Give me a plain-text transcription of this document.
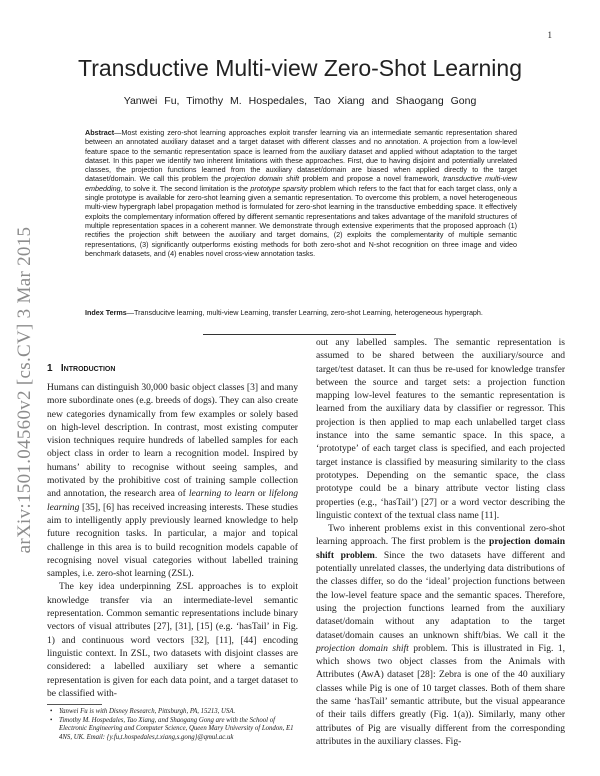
1
arXiv:1501.04560v2 [cs.CV] 3 Mar 2015
Transductive Multi-view Zero-Shot Learning
Yanwei Fu, Timothy M. Hospedales, Tao Xiang and Shaogang Gong
Abstract—Most existing zero-shot learning approaches exploit transfer learning via an intermediate semantic representation shared between an annotated auxiliary dataset and a target dataset with different classes and no annotation. A projection from a low-level feature space to the semantic representation space is learned from the auxiliary dataset and applied without adaptation to the target dataset. In this paper we identify two inherent limitations with these approaches. First, due to having disjoint and potentially unrelated classes, the projection functions learned from the auxiliary dataset/domain are biased when applied directly to the target dataset/domain. We call this problem the projection domain shift problem and propose a novel framework, transductive multi-view embedding, to solve it. The second limitation is the prototype sparsity problem which refers to the fact that for each target class, only a single prototype is available for zero-shot learning given a semantic representation. To overcome this problem, a novel heterogeneous multi-view hypergraph label propagation method is formulated for zero-shot learning in the transductive embedding space. It effectively exploits the complementary information offered by different semantic representations and takes advantage of the manifold structures of multiple representation spaces in a coherent manner. We demonstrate through extensive experiments that the proposed approach (1) rectifies the projection shift between the auxiliary and target domains, (2) exploits the complementarity of multiple semantic representations, (3) significantly outperforms existing methods for both zero-shot and N-shot recognition on three image and video benchmark datasets, and (4) enables novel cross-view annotation tasks.
Index Terms—Transducitve learning, multi-view Learning, transfer Learning, zero-shot Learning, heterogeneous hypergraph.
1 Introduction

Humans can distinguish 30,000 basic object classes [3] and many more subordinate ones (e.g. breeds of dogs). They can also create new categories dynamically from few examples or solely based on high-level description. In contrast, most existing computer vision techniques require hundreds of labelled samples for each object class in order to learn a recognition model. Inspired by humans’ ability to recognise without seeing samples, and motivated by the prohibitive cost of training sample collection and annotation, the research area of learning to learn or lifelong learning [35], [6] has received increasing interests. These studies aim to intelligently apply previously learned knowledge to help future recognition tasks. In particular, a major and topical challenge in this area is to build recognition models capable of recognising novel visual categories without labelled training samples, i.e. zero-shot learning (ZSL).

The key idea underpinning ZSL approaches is to exploit knowledge transfer via an intermediate-level semantic representation. Common semantic representations include binary vectors of visual attributes [27], [31], [15] (e.g. ‘hasTail’ in Fig. 1) and continuous word vectors [32], [11], [44] encoding linguistic context. In ZSL, two datasets with disjoint classes are considered: a labelled auxiliary set where a semantic representation is given for each data point, and a target dataset to be classified with-

• Yanwei Fu is with Disney Research, Pittsburgh, PA, 15213, USA.
• Timothy M. Hospedales, Tao Xiang, and Shaogang Gong are with the School of Electronic Engineering and Computer Science, Queen Mary University of London, E1 4NS, UK. Email: {y.fu,t.hospedales,t.xiang,s.gong}@qmul.ac.uk

out any labelled samples. The semantic representation is assumed to be shared between the auxiliary/source and target/test dataset. It can thus be re-used for knowledge transfer between the source and target sets: a projection function mapping low-level features to the semantic representation is learned from the auxiliary data by classifier or regressor. This projection is then applied to map each unlabelled target class instance into the same semantic space. In this space, a ‘prototype’ of each target class is specified, and each projected target instance is classified by measuring similarity to the class prototypes. Depending on the semantic space, the class prototype could be a binary attribute vector listing class properties (e.g., ‘hasTail’) [27] or a word vector describing the linguistic context of the textual class name [11].

Two inherent problems exist in this conventional zero-shot learning approach. The first problem is the projection domain shift problem. Since the two datasets have different and potentially unrelated classes, the underlying data distributions of the classes differ, so do the ‘ideal’ projection functions between the low-level feature space and the semantic spaces. Therefore, using the projection functions learned from the auxiliary dataset/domain without any adaptation to the target dataset/domain causes an unknown shift/bias. We call it the projection domain shift problem. This is illustrated in Fig. 1, which shows two object classes from the Animals with Attributes (AwA) dataset [28]: Zebra is one of the 40 auxiliary classes while Pig is one of 10 target classes. Both of them share the same ‘hasTail’ semantic attribute, but the visual appearance of their tails differs greatly (Fig. 1(a)). Similarly, many other attributes of Pig are visually different from the corresponding attributes in the auxiliary classes. Fig-
